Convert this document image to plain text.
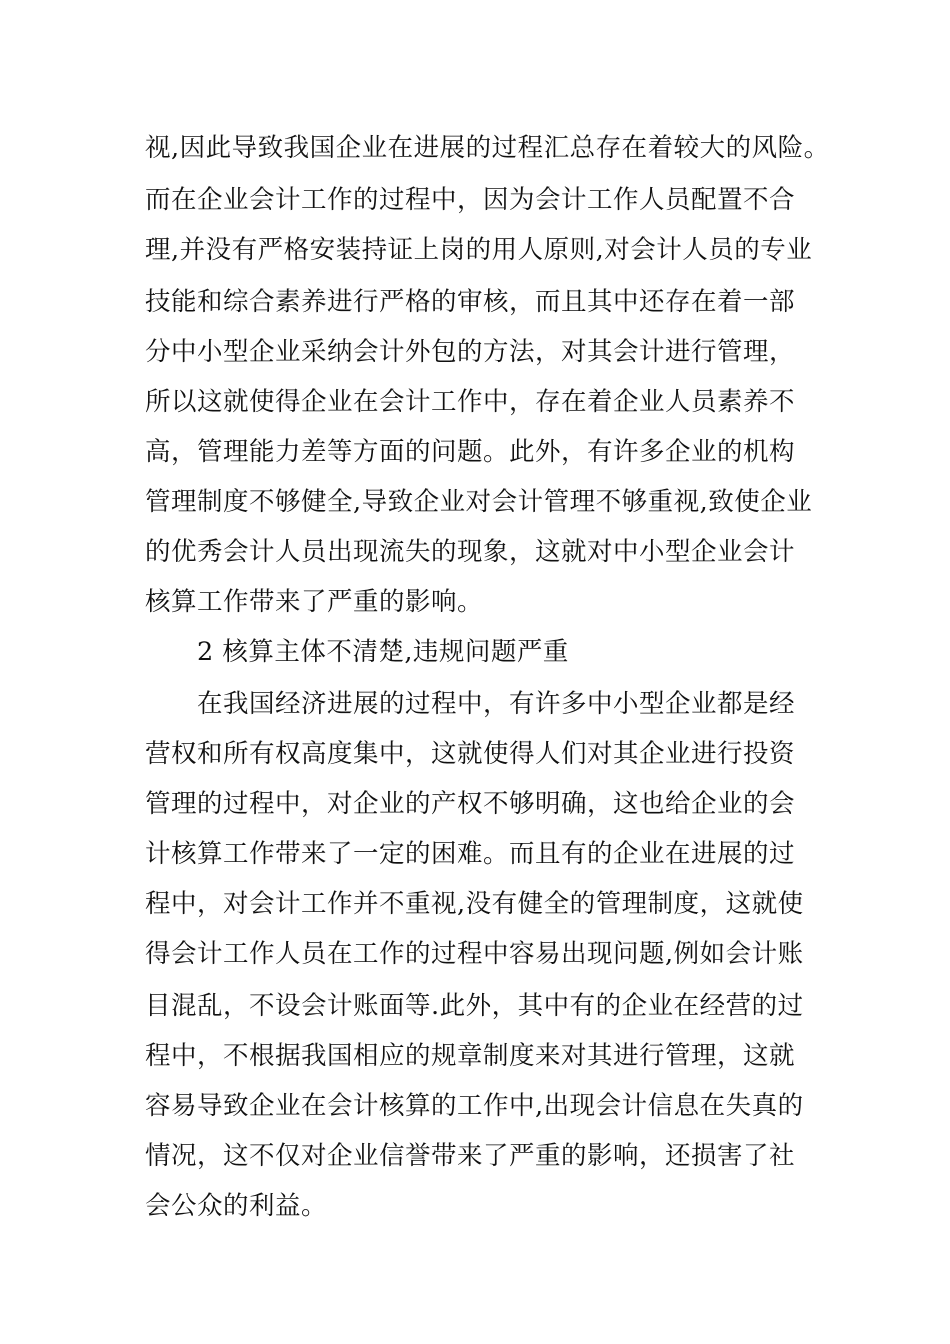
视,因此导致我国企业在进展的过程汇总存在着较大的风险。
而在企业会计工作的过程中，因为会计工作人员配置不合
理,并没有严格安装持证上岗的用人原则,对会计人员的专业
技能和综合素养进行严格的审核，而且其中还存在着一部
分中小型企业采纳会计外包的方法，对其会计进行管理，
所以这就使得企业在会计工作中，存在着企业人员素养不
高，管理能力差等方面的问题。此外，有许多企业的机构
管理制度不够健全,导致企业对会计管理不够重视,致使企业
的优秀会计人员出现流失的现象，这就对中小型企业会计
核算工作带来了严重的影响。
2 核算主体不清楚,违规问题严重
在我国经济进展的过程中，有许多中小型企业都是经
营权和所有权高度集中，这就使得人们对其企业进行投资
管理的过程中，对企业的产权不够明确，这也给企业的会
计核算工作带来了一定的困难。而且有的企业在进展的过
程中，对会计工作并不重视,没有健全的管理制度，这就使
得会计工作人员在工作的过程中容易出现问题,例如会计账
目混乱，不设会计账面等.此外，其中有的企业在经营的过
程中，不根据我国相应的规章制度来对其进行管理，这就
容易导致企业在会计核算的工作中,出现会计信息在失真的
情况，这不仅对企业信誉带来了严重的影响，还损害了社
会公众的利益。
